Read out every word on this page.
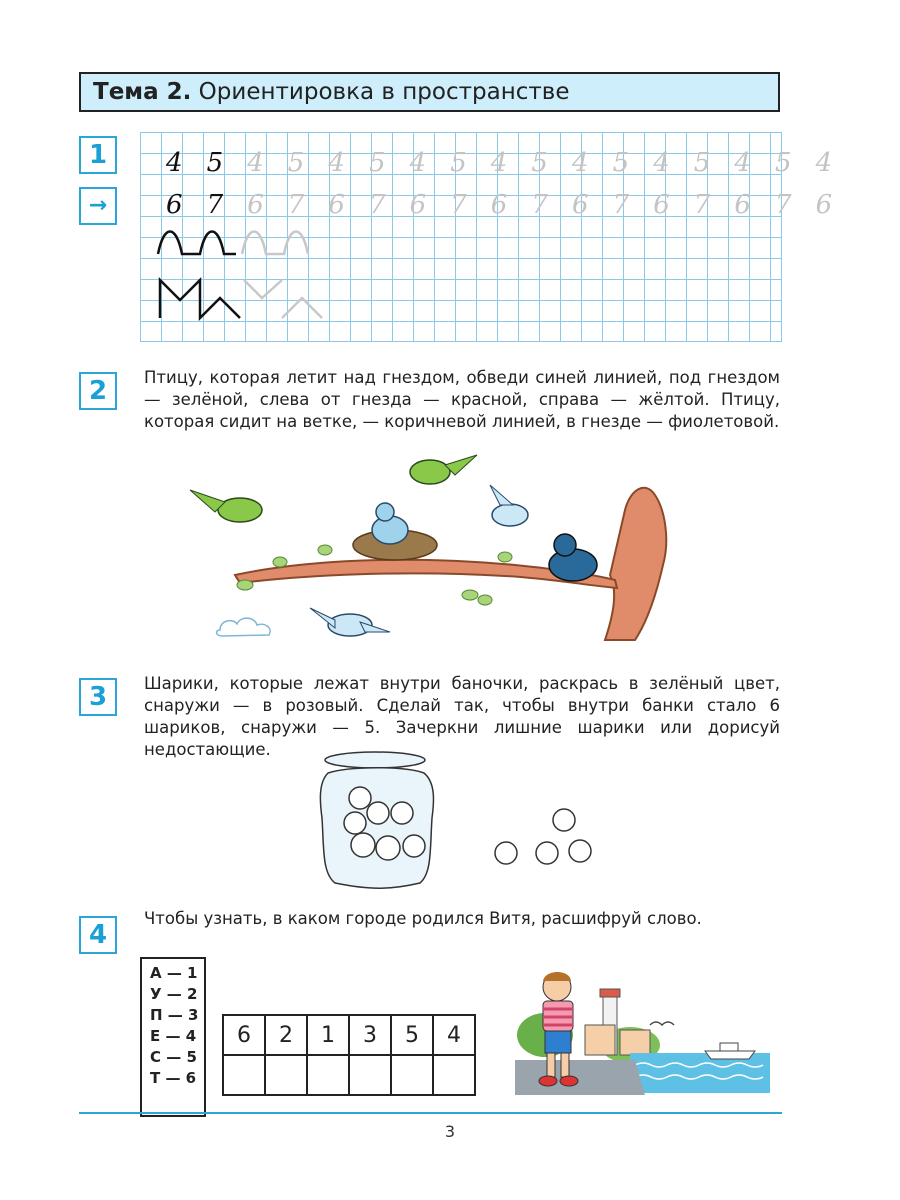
Тема 2. Ориентировка в пространстве
1
→
4 5 4 5 4 5 4 5 4 5 4 5 4 5 4 5 4
6 7 6 7 6 7 6 7 6 7 6 7 6 7 6 7 6
2	Птицу, которая летит над гнездом, обведи синей линией, под гнездом — зелёной, слева от гнезда — красной, справа — жёлтой. Птицу, которая сидит на ветке, — коричневой линией, в гнезде — фиолетовой.
3	Шарики, которые лежат внутри баночки, раскрась в зелёный цвет, снаружи — в розовый. Сделай так, чтобы внутри банки стало 6 шариков, снаружи — 5. Зачеркни лишние шарики или дорисуй недостающие.
4
Чтобы узнать, в каком городе родился Витя, расшифруй слово.
А — 1
У — 2
П — 3
Е — 4
С — 5
Т — 6
6	2	1	3	5	4

3
